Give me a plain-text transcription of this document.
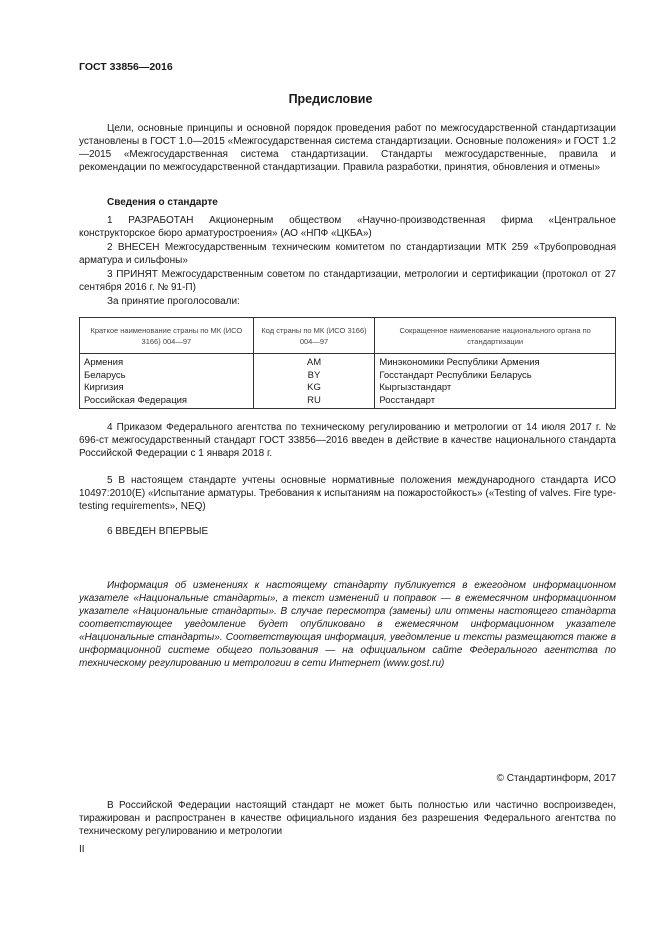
ГОСТ 33856—2016
Предисловие

Цели, основные принципы и основной порядок проведения работ по межгосударственной стандартизации установлены в ГОСТ 1.0—2015 «Межгосударственная система стандартизации. Основные положения» и ГОСТ 1.2—2015 «Межгосударственная система стандартизации. Стандарты межгосударственные, правила и рекомендации по межгосударственной стандартизации. Правила разработки, принятия, обновления и отмены»

Сведения о стандарте

1 РАЗРАБОТАН Акционерным обществом «Научно-производственная фирма «Центральное конструкторское бюро арматуростроения» (АО «НПФ «ЦКБА»)

2 ВНЕСЕН Межгосударственным техническим комитетом по стандартизации МТК 259 «Трубопроводная арматура и сильфоны»

3 ПРИНЯТ Межгосударственным советом по стандартизации, метрологии и сертификации (протокол от 27 сентября 2016 г. № 91-П)

За принятие проголосовали:

Краткое наименование страны по МК (ИСО 3166) 004—97	Код страны по МК (ИСО 3166) 004—97	Сокращенное наименование национального органа по стандартизации
Армения	AM	Минэкономики Республики Армения
Беларусь	BY	Госстандарт Республики Беларусь
Киргизия	KG	Кыргызстандарт
Российская Федерация	RU	Росстандарт

4 Приказом Федерального агентства по техническому регулированию и метрологии от 14 июля 2017 г. № 696-ст межгосударственный стандарт ГОСТ 33856—2016 введен в действие в качестве национального стандарта Российской Федерации с 1 января 2018 г.

5 В настоящем стандарте учтены основные нормативные положения международного стандарта ИСО 10497:2010(E) «Испытание арматуры. Требования к испытаниям на пожаростойкость» («Testing of valves. Fire type-testing requirements», NEQ)

6 ВВЕДЕН ВПЕРВЫЕ

Информация об изменениях к настоящему стандарту публикуется в ежегодном информационном указателе «Национальные стандарты», а текст изменений и поправок — в ежемесячном информационном указателе «Национальные стандарты». В случае пересмотра (замены) или отмены настоящего стандарта соответствующее уведомление будет опубликовано в ежемесячном информационном указателе «Национальные стандарты». Соответствующая информация, уведомление и тексты размещаются также в информационной системе общего пользования — на официальном сайте Федерального агентства по техническому регулированию и метрологии в сети Интернет (www.gost.ru)

© Стандартинформ, 2017

В Российской Федерации настоящий стандарт не может быть полностью или частично воспроизведен, тиражирован и распространен в качестве официального издания без разрешения Федерального агентства по техническому регулированию и метрологии

II
